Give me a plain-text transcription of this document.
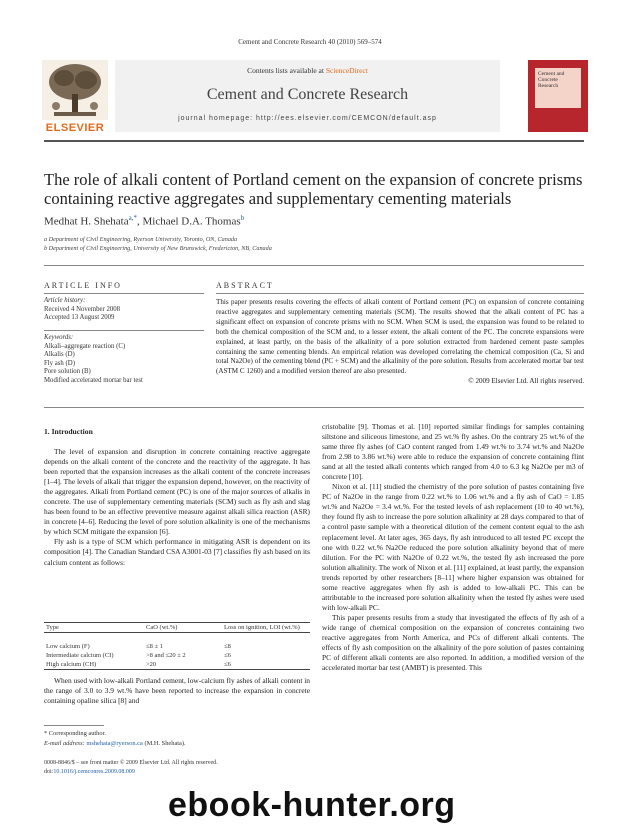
Cement and Concrete Research 40 (2010) 569–574
ELSEVIER
Contents lists available at ScienceDirect
Cement and Concrete Research
journal homepage: http://ees.elsevier.com/CEMCON/default.asp
Cement and Concrete Research
The role of alkali content of Portland cement on the expansion of concrete prisms containing reactive aggregates and supplementary cementing materials
Medhat H. Shehata$^{a,*}$, Michael D.A. Thomas$^b$
a Department of Civil Engineering, Ryerson University, Toronto, ON, Canada
b Department of Civil Engineering, University of New Brunswick, Fredericton, NB, Canada
ARTICLE INFO
Article history:
Received 4 November 2008
Accepted 13 August 2009
Keywords:
Alkali–aggregate reaction (C)
Alkalis (D)
Fly ash (D)
Pore solution (B)
Modified accelerated mortar bar test
ABSTRACT
This paper presents results covering the effects of alkali content of Portland cement (PC) on expansion of concrete containing reactive aggregates and supplementary cementing materials (SCM). The results showed that the alkali content of PC has a significant effect on expansion of concrete prisms with no SCM. When SCM is used, the expansion was found to be related to both the chemical composition of the SCM and, to a lesser extent, the alkali content of the PC. The concrete expansions were explained, at least partly, on the basis of the alkalinity of a pore solution extracted from hardened cement paste samples containing the same cementing blends. An empirical relation was developed correlating the chemical composition (Ca, Si and total Na2Oe) of the cementing blend (PC + SCM) and the alkalinity of the pore solution. Results from accelerated mortar bar test (ASTM C 1260) and a modified version thereof are also presented.
© 2009 Elsevier Ltd. All rights reserved.
1. Introduction

The level of expansion and disruption in concrete containing reactive aggregate depends on the alkali content of the concrete and the reactivity of the aggregate. It has been reported that the expansion increases as the alkali content of the concrete increases [1–4]. The levels of alkali that trigger the expansion depend, however, on the reactivity of the aggregates. Alkali from Portland cement (PC) is one of the major sources of alkalis in concrete. The use of supplementary cementing materials (SCM) such as fly ash and slag has been found to be an effective preventive measure against alkali silica reaction (ASR) in concrete [4–6]. Reducing the level of pore solution alkalinity is one of the mechanisms by which SCM mitigate the expansion [6].

Fly ash is a type of SCM which performance in mitigating ASR is dependent on its composition [4]. The Canadian Standard CSA A3001-03 [7] classifies fly ash based on its calcium content as follows:

Type	CaO (wt.%)	Loss on ignition, LOI (wt.%)

Low calcium (F)	≤8 ± 1	≤8
Intermediate calcium (CI)	>8 and ≤20 ± 2	≤6
High calcium (CH)	>20	≤6

When used with low-alkali Portland cement, low-calcium fly ashes of alkali content in the range of 3.0 to 3.9 wt.% have been reported to increase the expansion in concrete containing opaline silica [8] and

* Corresponding author.
E-mail address: mshehata@ryerson.ca (M.H. Shehata).

cristobalite [9]. Thomas et al. [10] reported similar findings for samples containing siltstone and siliceous limestone, and 25 wt.% fly ashes. On the contrary 25 wt.% of the same three fly ashes (of CaO content ranged from 1.49 wt.% to 3.74 wt.% and Na2Oe from 2.98 to 3.86 wt.%) were able to reduce the expansion of concrete containing flint sand at all the tested alkali contents which ranged from 4.0 to 6.3 kg Na2Oe per m3 of concrete [10].

Nixon et al. [11] studied the chemistry of the pore solution of pastes containing five PC of Na2Oe in the range from 0.22 wt.% to 1.06 wt.% and a fly ash of CaO = 1.85 wt.% and Na2Oe = 3.4 wt.%. For the tested levels of ash replacement (10 to 40 wt.%), they found fly ash to increase the pore solution alkalinity at 28 days compared to that of a control paste sample with a theoretical dilution of the cement content equal to the ash replacement level. At later ages, 365 days, fly ash introduced to all tested PC except the one with 0.22 wt.% Na2Oe reduced the pore solution alkalinity beyond that of mere dilution. For the PC with Na2Oe of 0.22 wt.%, the tested fly ash increased the pore solution alkalinity. The work of Nixon et al. [11] explained, at least partly, the expansion trends reported by other researchers [8–11] where higher expansion was obtained for some reactive aggregates when fly ash is added to low-alkali PC. This can be attributable to the increased pore solution alkalinity when the tested fly ashes were used with low-alkali PC.

This paper presents results from a study that investigated the effects of fly ash of a wide range of chemical composition on the expansion of concretes containing two reactive aggregates from North America, and PCs of different alkali contents. The effects of fly ash composition on the alkalinity of the pore solution of pastes containing PC of different alkali contents are also reported. In addition, a modified version of the accelerated mortar bar test (AMBT) is presented. This

0008-8846/$ – see front matter © 2009 Elsevier Ltd. All rights reserved.
doi:10.1016/j.cemconres.2009.08.009
ebook-hunter.org
